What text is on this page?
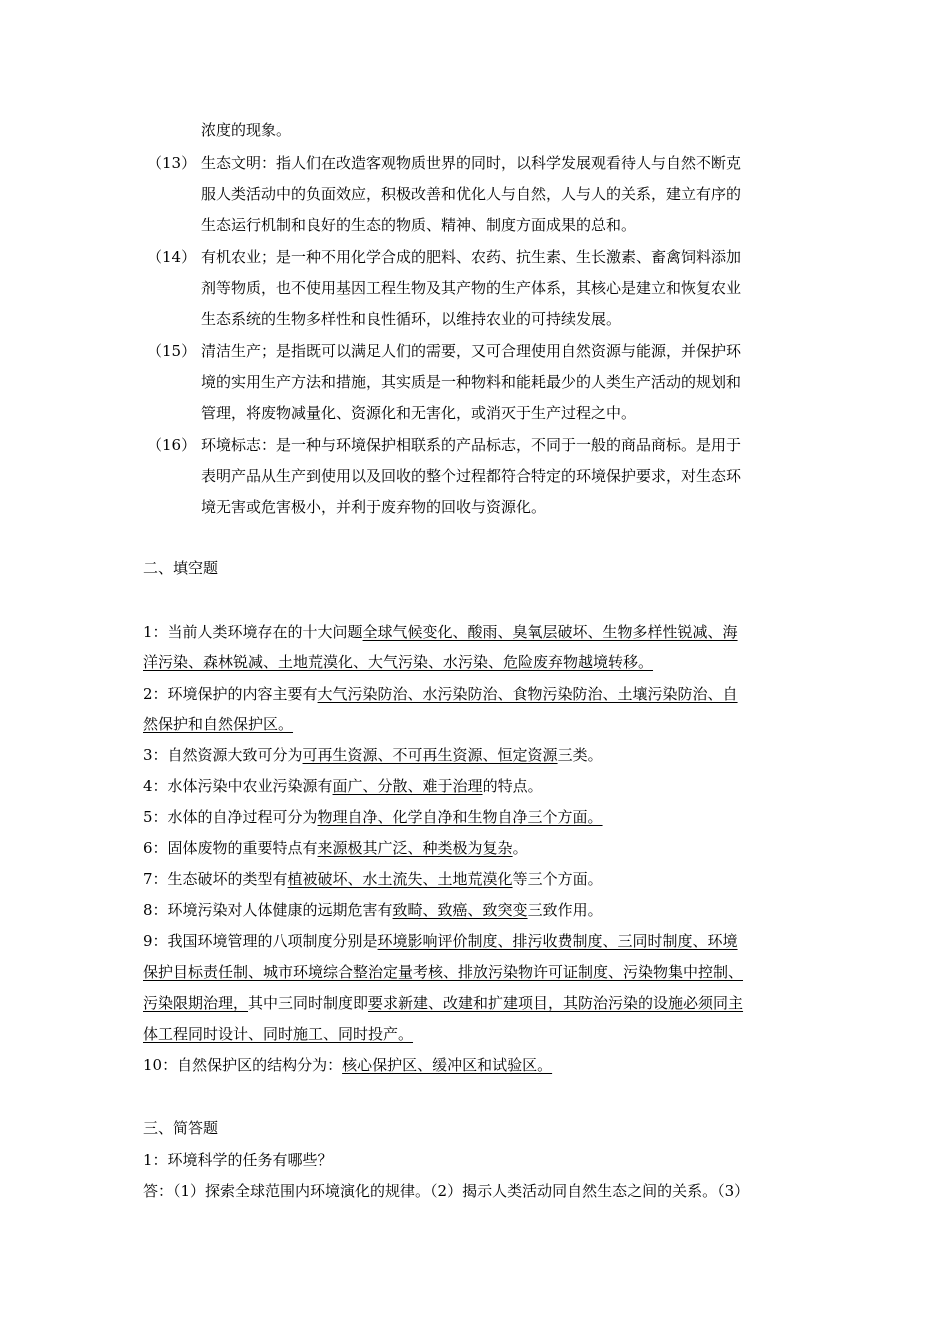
浓度的现象。
（13） 生态文明：指人们在改造客观物质世界的同时，以科学发展观看待人与自然不断克
服人类活动中的负面效应，积极改善和优化人与自然，人与人的关系，建立有序的
生态运行机制和良好的生态的物质、精神、制度方面成果的总和。
（14） 有机农业；是一种不用化学合成的肥料、农药、抗生素、生长激素、畜禽饲料添加
剂等物质，也不使用基因工程生物及其产物的生产体系，其核心是建立和恢复农业
生态系统的生物多样性和良性循环，以维持农业的可持续发展。
（15） 清洁生产；是指既可以满足人们的需要，又可合理使用自然资源与能源，并保护环
境的实用生产方法和措施，其实质是一种物料和能耗最少的人类生产活动的规划和
管理，将废物减量化、资源化和无害化，或消灭于生产过程之中。
（16） 环境标志：是一种与环境保护相联系的产品标志，不同于一般的商品商标。是用于
表明产品从生产到使用以及回收的整个过程都符合特定的环境保护要求，对生态环
境无害或危害极小，并利于废弃物的回收与资源化。
二、填空题
1：当前人类环境存在的十大问题全球气候变化、酸雨、臭氧层破坏、生物多样性锐减、海
洋污染、森林锐减、土地荒漠化、大气污染、水污染、危险废弃物越境转移。
2：环境保护的内容主要有大气污染防治、水污染防治、食物污染防治、土壤污染防治、自
然保护和自然保护区。
3：自然资源大致可分为可再生资源、不可再生资源、恒定资源三类。
4：水体污染中农业污染源有面广、分散、难于治理的特点。
5：水体的自净过程可分为物理自净、化学自净和生物自净三个方面。
6：固体废物的重要特点有来源极其广泛、种类极为复杂。
7：生态破坏的类型有植被破坏、水土流失、土地荒漠化等三个方面。
8：环境污染对人体健康的远期危害有致畸、致癌、致突变三致作用。
9：我国环境管理的八项制度分别是环境影响评价制度、排污收费制度、三同时制度、环境
保护目标责任制、城市环境综合整治定量考核、排放污染物许可证制度、污染物集中控制、
污染限期治理，其中三同时制度即要求新建、改建和扩建项目，其防治污染的设施必须同主
体工程同时设计、同时施工、同时投产。
10：自然保护区的结构分为：核心保护区、缓冲区和试验区。
三、简答题
1：环境科学的任务有哪些？
答：（1）探索全球范围内环境演化的规律。（2）揭示人类活动同自然生态之间的关系。（3）
